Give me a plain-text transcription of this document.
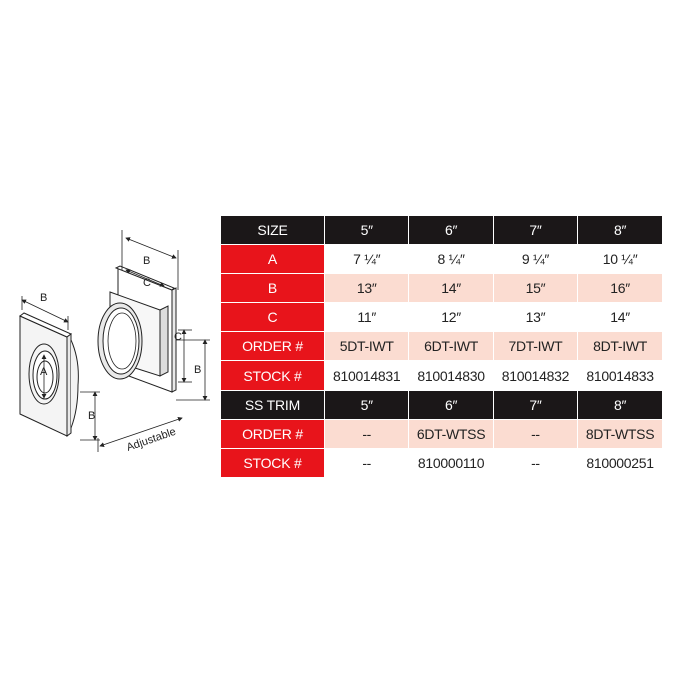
B
A
B
B
C
C
B
Adjustable
SIZE	5″	6″	7″	8″
A	7 ¼″	8 ¼″	9 ¼″	10 ¼″
B	13″	14″	15″	16″
C	11″	12″	13″	14″
ORDER #	5DT-IWT	6DT-IWT	7DT-IWT	8DT-IWT
STOCK #	810014831	810014830	810014832	810014833
SS TRIM	5″	6″	7″	8″
ORDER #	--	6DT-WTSS	--	8DT-WTSS
STOCK #	--	810000110	--	810000251
